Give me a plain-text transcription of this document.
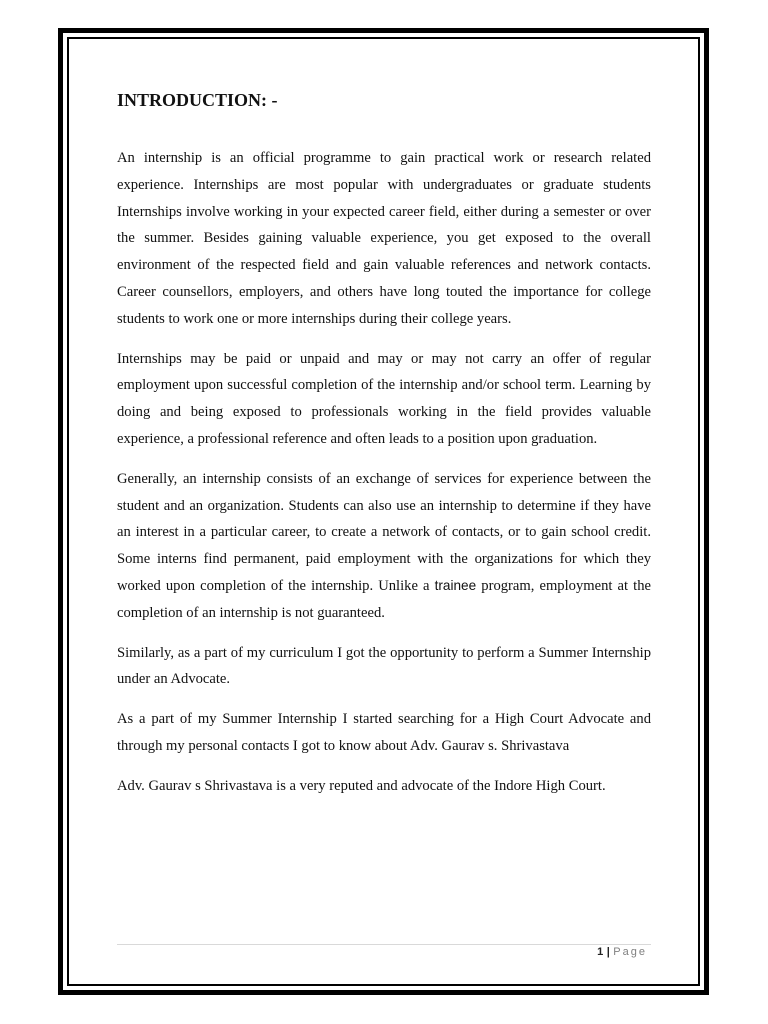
INTRODUCTION: -

An internship is an official programme to gain practical work or research related experience. Internships are most popular with undergraduates or graduate students Internships involve working in your expected career field, either during a semester or over the summer. Besides gaining valuable experience, you get exposed to the overall environment of the respected field and gain valuable references and network contacts. Career counsellors, employers, and others have long touted the importance for college students to work one or more internships during their college years.

Internships may be paid or unpaid and may or may not carry an offer of regular employment upon successful completion of the internship and/or school term. Learning by doing and being exposed to professionals working in the field provides valuable experience, a professional reference and often leads to a position upon graduation.

Generally, an internship consists of an exchange of services for experience between the student and an organization. Students can also use an internship to determine if they have an interest in a particular career, to create a network of contacts, or to gain school credit. Some interns find permanent, paid employment with the organizations for which they worked upon completion of the internship. Unlike a trainee program, employment at the completion of an internship is not guaranteed.

Similarly, as a part of my curriculum I got the opportunity to perform a Summer Internship under an Advocate.

As a part of my Summer Internship I started searching for a High Court Advocate and through my personal contacts I got to know about Adv. Gaurav s. Shrivastava

Adv. Gaurav s Shrivastava is a very reputed and advocate of the Indore High Court.

1 | Page
